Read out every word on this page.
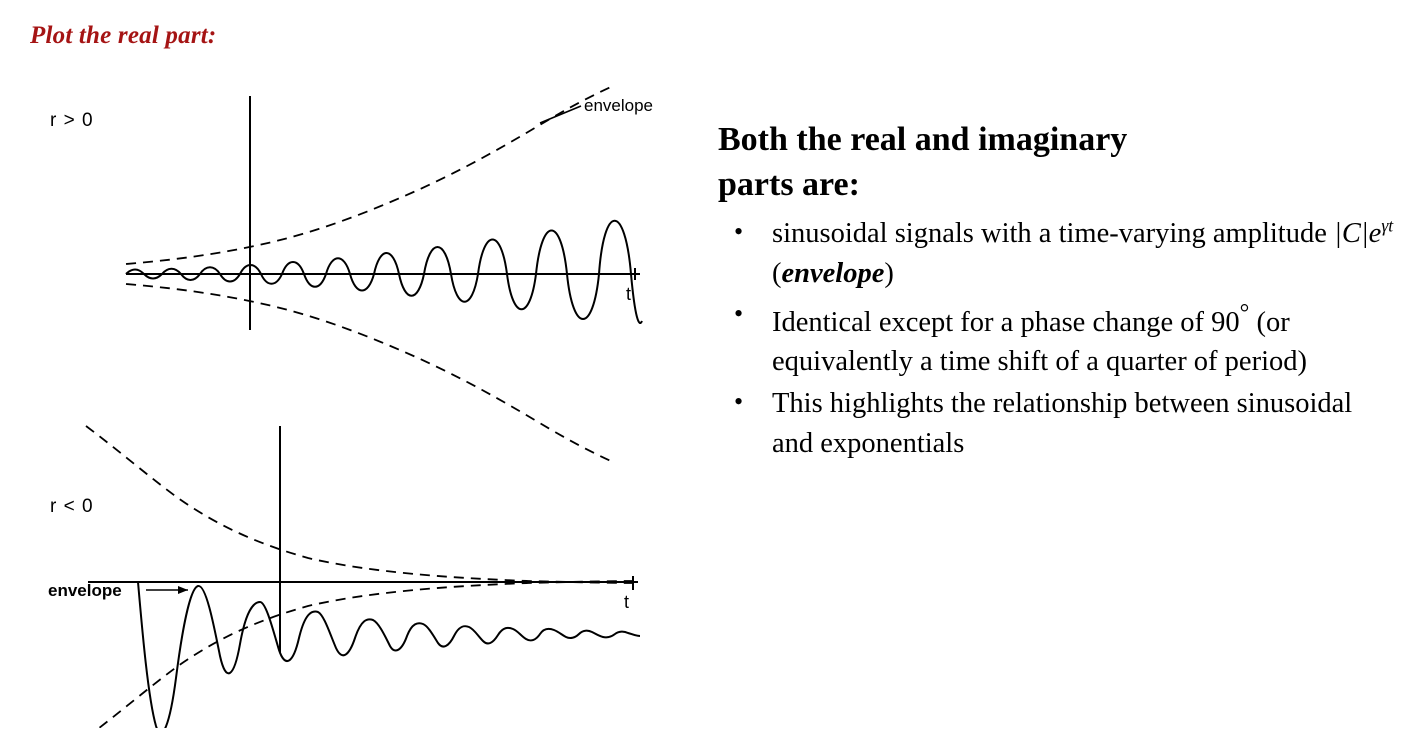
Plot the real part:
envelope
r > 0
t
r < 0
envelope
t
Both the real and imaginary
parts are:
• sinusoidal signals with a time-varying amplitude $|C|e^{\gamma t}$ (envelope)
• Identical except for a phase change of 90° (or equivalently a time shift of a quarter of period)
• This highlights the relationship between sinusoidal and exponentials
